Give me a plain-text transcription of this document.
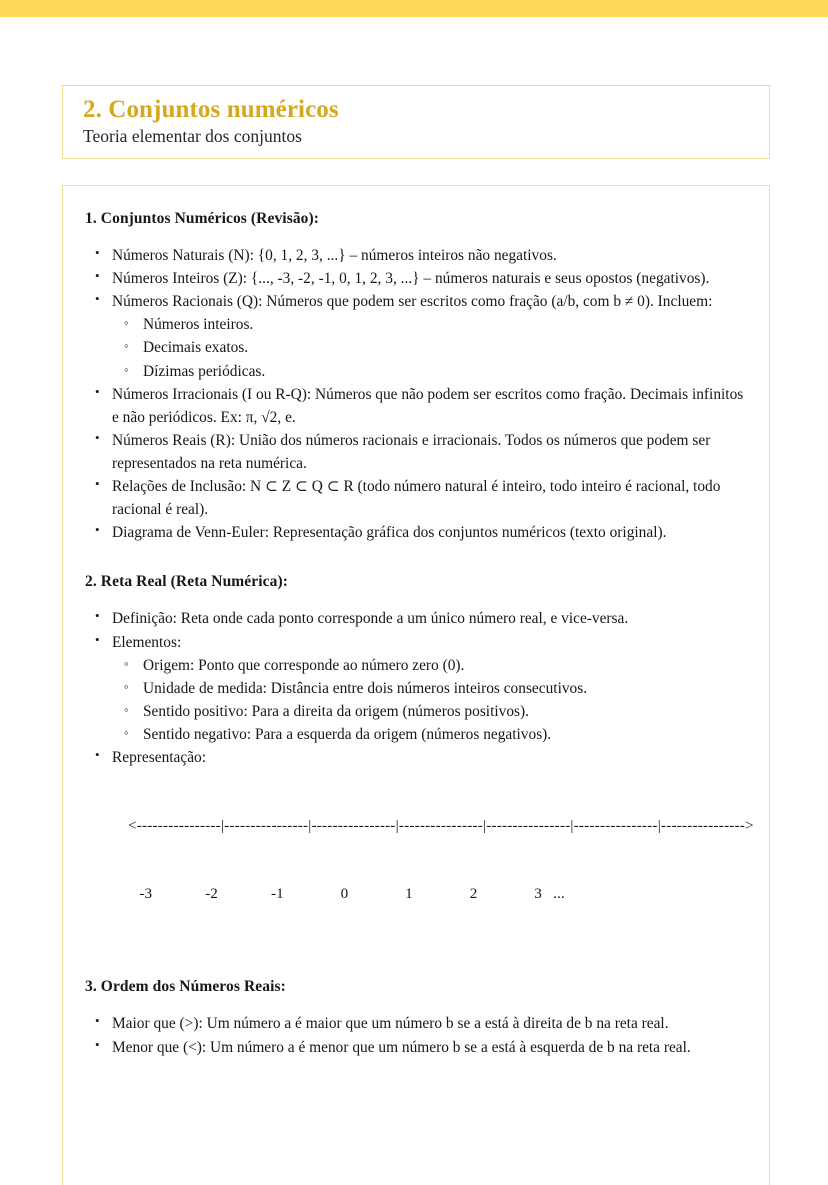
2. Conjuntos numéricos
Teoria elementar dos conjuntos
1. Conjuntos Numéricos (Revisão):
• Números Naturais (N): {0, 1, 2, 3, ...} – números inteiros não negativos.
• Números Inteiros (Z): {..., -3, -2, -1, 0, 1, 2, 3, ...} – números naturais e seus opostos (negativos).
• Números Racionais (Q): Números que podem ser escritos como fração (a/b, com b ≠ 0). Incluem:
◦ Números inteiros.
◦ Decimais exatos.
◦ Dízimas periódicas.
• Números Irracionais (I ou R-Q): Números que não podem ser escritos como fração. Decimais infinitos e não periódicos. Ex: π, √2, e.
• Números Reais (R): União dos números racionais e irracionais. Todos os números que podem ser representados na reta numérica.
• Relações de Inclusão: N ⊂ Z ⊂ Q ⊂ R (todo número natural é inteiro, todo inteiro é racional, todo racional é real).
• Diagrama de Venn-Euler: Representação gráfica dos conjuntos numéricos (texto original).
2. Reta Real (Reta Numérica):
• Definição: Reta onde cada ponto corresponde a um único número real, e vice-versa.
• Elementos:
◦ Origem: Ponto que corresponde ao número zero (0).
◦ Unidade de medida: Distância entre dois números inteiros consecutivos.
◦ Sentido positivo: Para a direita da origem (números positivos).
◦ Sentido negativo: Para a esquerda da origem (números negativos).
• Representação:

<----------------|----------------|----------------|----------------|----------------|----------------|---------------->

-3              -2              -1               0               1               2               3   ...

3. Ordem dos Números Reais:
• Maior que (>): Um número a é maior que um número b se a está à direita de b na reta real.
• Menor que (<): Um número a é menor que um número b se a está à esquerda de b na reta real.
